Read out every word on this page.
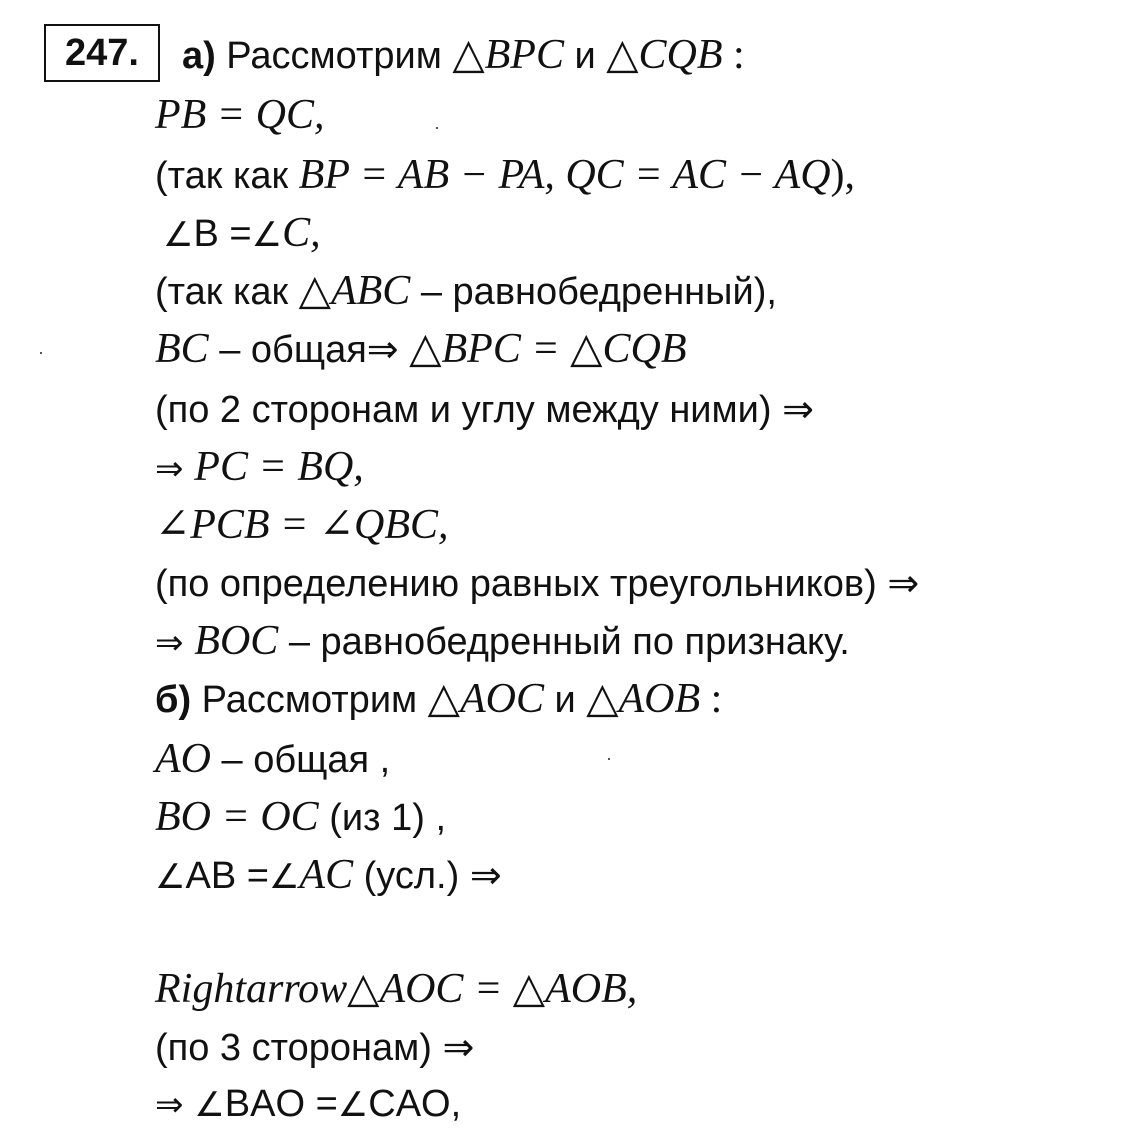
247.	а) Рассмотрим △BPC и △CQB :
PB = QC,
(так как BP = AB − PA, QC = AC − AQ),
∠B =∠C,
(так как △ABC – равнобедренный),
BC – общая⇒ △BPC = △CQB
(по 2 сторонам и углу между ними) ⇒
⇒ PC = BQ,
∠PCB = ∠QBC,
(по определению равных треугольников) ⇒
⇒ BOC – равнобедренный по признаку.
б) Рассмотрим △AOC и △AOB :
AO – общая ,
BO = OC (из 1) ,
∠AB =∠AC (усл.) ⇒
Rightarrow△AOC = △AOB,
(по 3 сторонам) ⇒
⇒ ∠BAO =∠CAO,
